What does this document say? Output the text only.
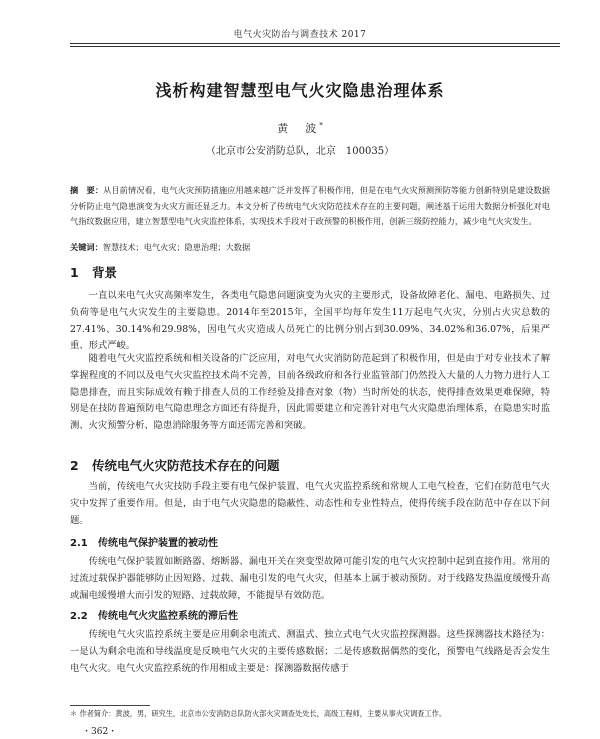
电气火灾防治与调查技术 2017
浅析构建智慧型电气火灾隐患治理体系
黄　波*
（北京市公安消防总队，北京　100035）
摘　要：从目前情况看，电气火灾预防措施应用越来越广泛并发挥了积极作用，但是在电气火灾预测预防等能力创新特别是建设数据分析防止电气隐患演变为火灾方面还显乏力。本文分析了传统电气火灾防范技术存在的主要问题，阐述基于运用大数据分析强化对电气指纹数据应用，建立智慧型电气火灾监控体系，实现技术手段对于政预警的积极作用，创新三级防控能力，减少电气火灾发生。
关键词：智慧技术；电气火灾；隐患治理；大数据
1 背景

一直以来电气火灾高频率发生，各类电气隐患问题演变为火灾的主要形式，设备故障老化、漏电、电路损失、过负荷等是电气火灾发生的主要隐患。2014年至2015年，全国平均每年发生11万起电气火灾，分别占火灾总数的27.41%、30.14%和29.98%，因电气火灾造成人员死亡的比例分别占到30.09%、34.02%和36.07%，后果严重、形式严峻。

随着电气火灾监控系统和相关设备的广泛应用，对电气火灾消防防范起到了积极作用，但是由于对专业技术了解掌握程度的不同以及电气火灾监控技术尚不完善，目前各级政府和各行业监管部门仍然投入大量的人力物力进行人工隐患排查，而且实际成效有赖于排查人员的工作经验及排查对象（物）当时所处的状态，使得排查效果更难保障，特别是在技防普遍预防电气隐患理念方面还有待提升，因此需要建立和完善针对电气火灾隐患治理体系，在隐患实时监测、火灾预警分析、隐患消除服务等方面还需完善和突破。

2 传统电气火灾防范技术存在的问题

当前，传统电气火灾技防手段主要有电气保护装置、电气火灾监控系统和常规人工电气检查，它们在防范电气火灾中发挥了重要作用。但是，由于电气火灾隐患的隐蔽性、动态性和专业性特点，使得传统手段在防范中存在以下问题。

2.1 传统电气保护装置的被动性

传统电气保护装置如断路器、熔断器、漏电开关在突变型故障可能引发的电气火灾控制中起到直接作用。常用的过流过载保护器能够防止因短路、过载、漏电引发的电气火灾，但基本上属于被动预防。对于线路发热温度缓慢升高或漏电缓慢增大而引发的短路、过载故障，不能提早有效防范。

2.2 传统电气火灾监控系统的滞后性

传统电气火灾监控系统主要是应用剩余电流式、测温式、独立式电气火灾监控探测器。这些探测器技术路径为：一是认为剩余电流和导线温度是反映电气火灾的主要传感数据；二是传感数据偶然的变化，预警电气线路是否会发生电气火灾。电气火灾监控系统的作用相成主要是：探测器数据传感于

＊ 作者简介：黄波，男，研究生，北京市公安消防总队防火部火灾调查处处长，高级工程师，主要从事火灾调查工作。
・362・
